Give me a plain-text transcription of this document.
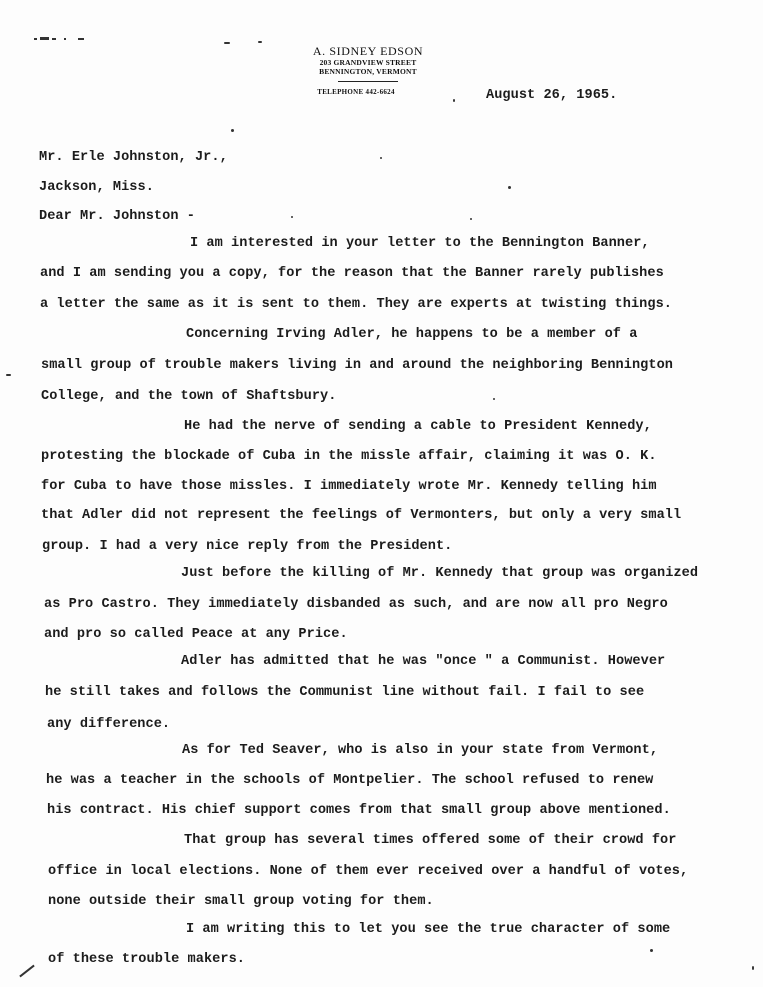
A. SIDNEY EDSON
203 GRANDVIEW STREET
BENNINGTON, VERMONT
TELEPHONE 442-6624	August 26, 1965.
Mr. Erle Johnston, Jr.,
Jackson, Miss.
Dear Mr. Johnston -
I am interested in your letter to the Bennington Banner,
and I am sending you a copy, for the reason that the Banner rarely publishes
a letter the same as it is sent to them. They are experts at twisting things.
Concerning Irving Adler, he happens to be a member of a
small group of trouble makers living in and around the neighboring Bennington
College, and the town of Shaftsbury.
He had the nerve of sending a cable to President Kennedy,
protesting the blockade of Cuba in the missle affair, claiming it was O. K.
for Cuba to have those missles. I immediately wrote Mr. Kennedy telling him
that Adler did not represent the feelings of Vermonters, but only a very small
group. I had a very nice reply from the President.
Just before the killing of Mr. Kennedy that group was organized
as Pro Castro. They immediately disbanded as such, and are now all pro Negro
and pro so called Peace at any Price.
Adler has admitted that he was "once " a Communist. However
he still takes and follows the Communist line without fail. I fail to see
any difference.
As for Ted Seaver, who is also in your state from Vermont,
he was a teacher in the schools of Montpelier. The school refused to renew
his contract. His chief support comes from that small group above mentioned.
That group has several times offered some of their crowd for
office in local elections. None of them ever received over a handful of votes,
none outside their small group voting for them.
I am writing this to let you see the true character of some
of these trouble makers.
